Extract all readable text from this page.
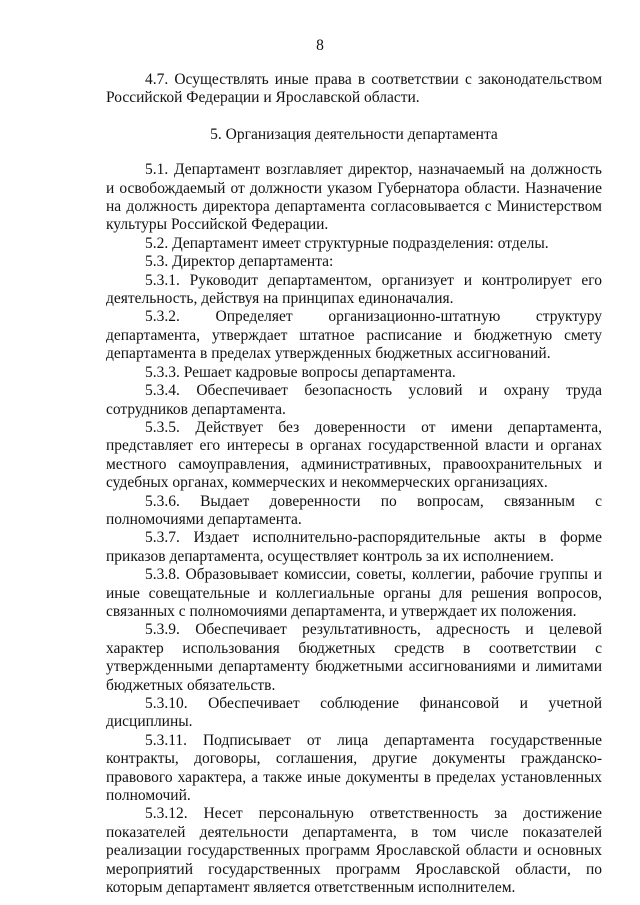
8

4.7. Осуществлять иные права в соответствии с законодательством Российской Федерации и Ярославской области.

5. Организация деятельности департамента

5.1. Департамент возглавляет директор, назначаемый на должность и освобождаемый от должности указом Губернатора области. Назначение на должность директора департамента согласовывается с Министерством культуры Российской Федерации.

5.2. Департамент имеет структурные подразделения: отделы.

5.3. Директор департамента:

5.3.1. Руководит департаментом, организует и контролирует его деятельность, действуя на принципах единоначалия.

5.3.2. Определяет организационно-штатную структуру департамента, утверждает штатное расписание и бюджетную смету департамента в пределах утвержденных бюджетных ассигнований.

5.3.3. Решает кадровые вопросы департамента.

5.3.4. Обеспечивает безопасность условий и охрану труда сотрудников департамента.

5.3.5. Действует без доверенности от имени департамента, представляет его интересы в органах государственной власти и органах местного самоуправления, административных, правоохранительных и судебных органах, коммерческих и некоммерческих организациях.

5.3.6. Выдает доверенности по вопросам, связанным с полномочиями департамента.

5.3.7. Издает исполнительно-распорядительные акты в форме приказов департамента, осуществляет контроль за их исполнением.

5.3.8. Образовывает комиссии, советы, коллегии, рабочие группы и иные совещательные и коллегиальные органы для решения вопросов, связанных с полномочиями департамента, и утверждает их положения.

5.3.9. Обеспечивает результативность, адресность и целевой характер использования бюджетных средств в соответствии с утвержденными департаменту бюджетными ассигнованиями и лимитами бюджетных обязательств.

5.3.10. Обеспечивает соблюдение финансовой и учетной дисциплины.

5.3.11. Подписывает от лица департамента государственные контракты, договоры, соглашения, другие документы гражданско-правового характера, а также иные документы в пределах установленных полномочий.

5.3.12. Несет персональную ответственность за достижение показателей деятельности департамента, в том числе показателей реализации государственных программ Ярославской области и основных мероприятий государственных программ Ярославской области, по которым департамент является ответственным исполнителем.
